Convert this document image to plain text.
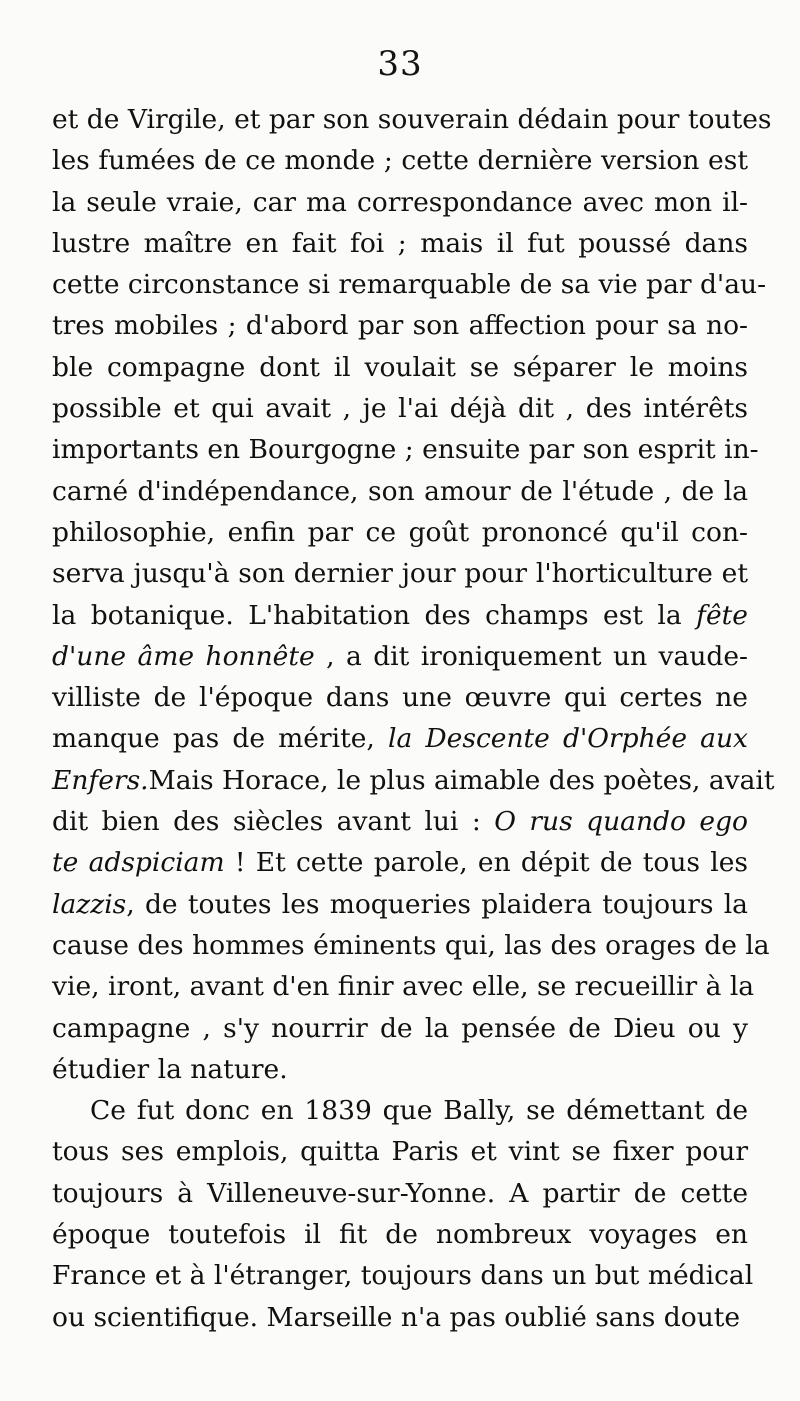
33
et de Virgile, et par son souverain dédain pour toutes
les fumées de ce monde ; cette dernière version est
la seule vraie, car ma correspondance avec mon il-
lustre maître en fait foi ; mais il fut poussé dans
cette circonstance si remarquable de sa vie par d'au-
tres mobiles ; d'abord par son affection pour sa no-
ble compagne dont il voulait se séparer le moins
possible et qui avait , je l'ai déjà dit , des intérêts
importants en Bourgogne ; ensuite par son esprit in-
carné d'indépendance, son amour de l'étude , de la
philosophie, enfin par ce goût prononcé qu'il con-
serva jusqu'à son dernier jour pour l'horticulture et
la botanique. L'habitation des champs est la fête
d'une âme honnête , a dit ironiquement un vaude-
villiste de l'époque dans une œuvre qui certes ne
manque pas de mérite, la Descente d'Orphée aux
Enfers.Mais Horace, le plus aimable des poètes, avait
dit bien des siècles avant lui : O rus quando ego
te adspiciam ! Et cette parole, en dépit de tous les
lazzis, de toutes les moqueries plaidera toujours la
cause des hommes éminents qui, las des orages de la
vie, iront, avant d'en finir avec elle, se recueillir à la
campagne , s'y nourrir de la pensée de Dieu ou y
étudier la nature.
Ce fut donc en 1839 que Bally, se démettant de
tous ses emplois, quitta Paris et vint se fixer pour
toujours à Villeneuve-sur-Yonne. A partir de cette
époque toutefois il fit de nombreux voyages en
France et à l'étranger, toujours dans un but médical
ou scientifique. Marseille n'a pas oublié sans doute
